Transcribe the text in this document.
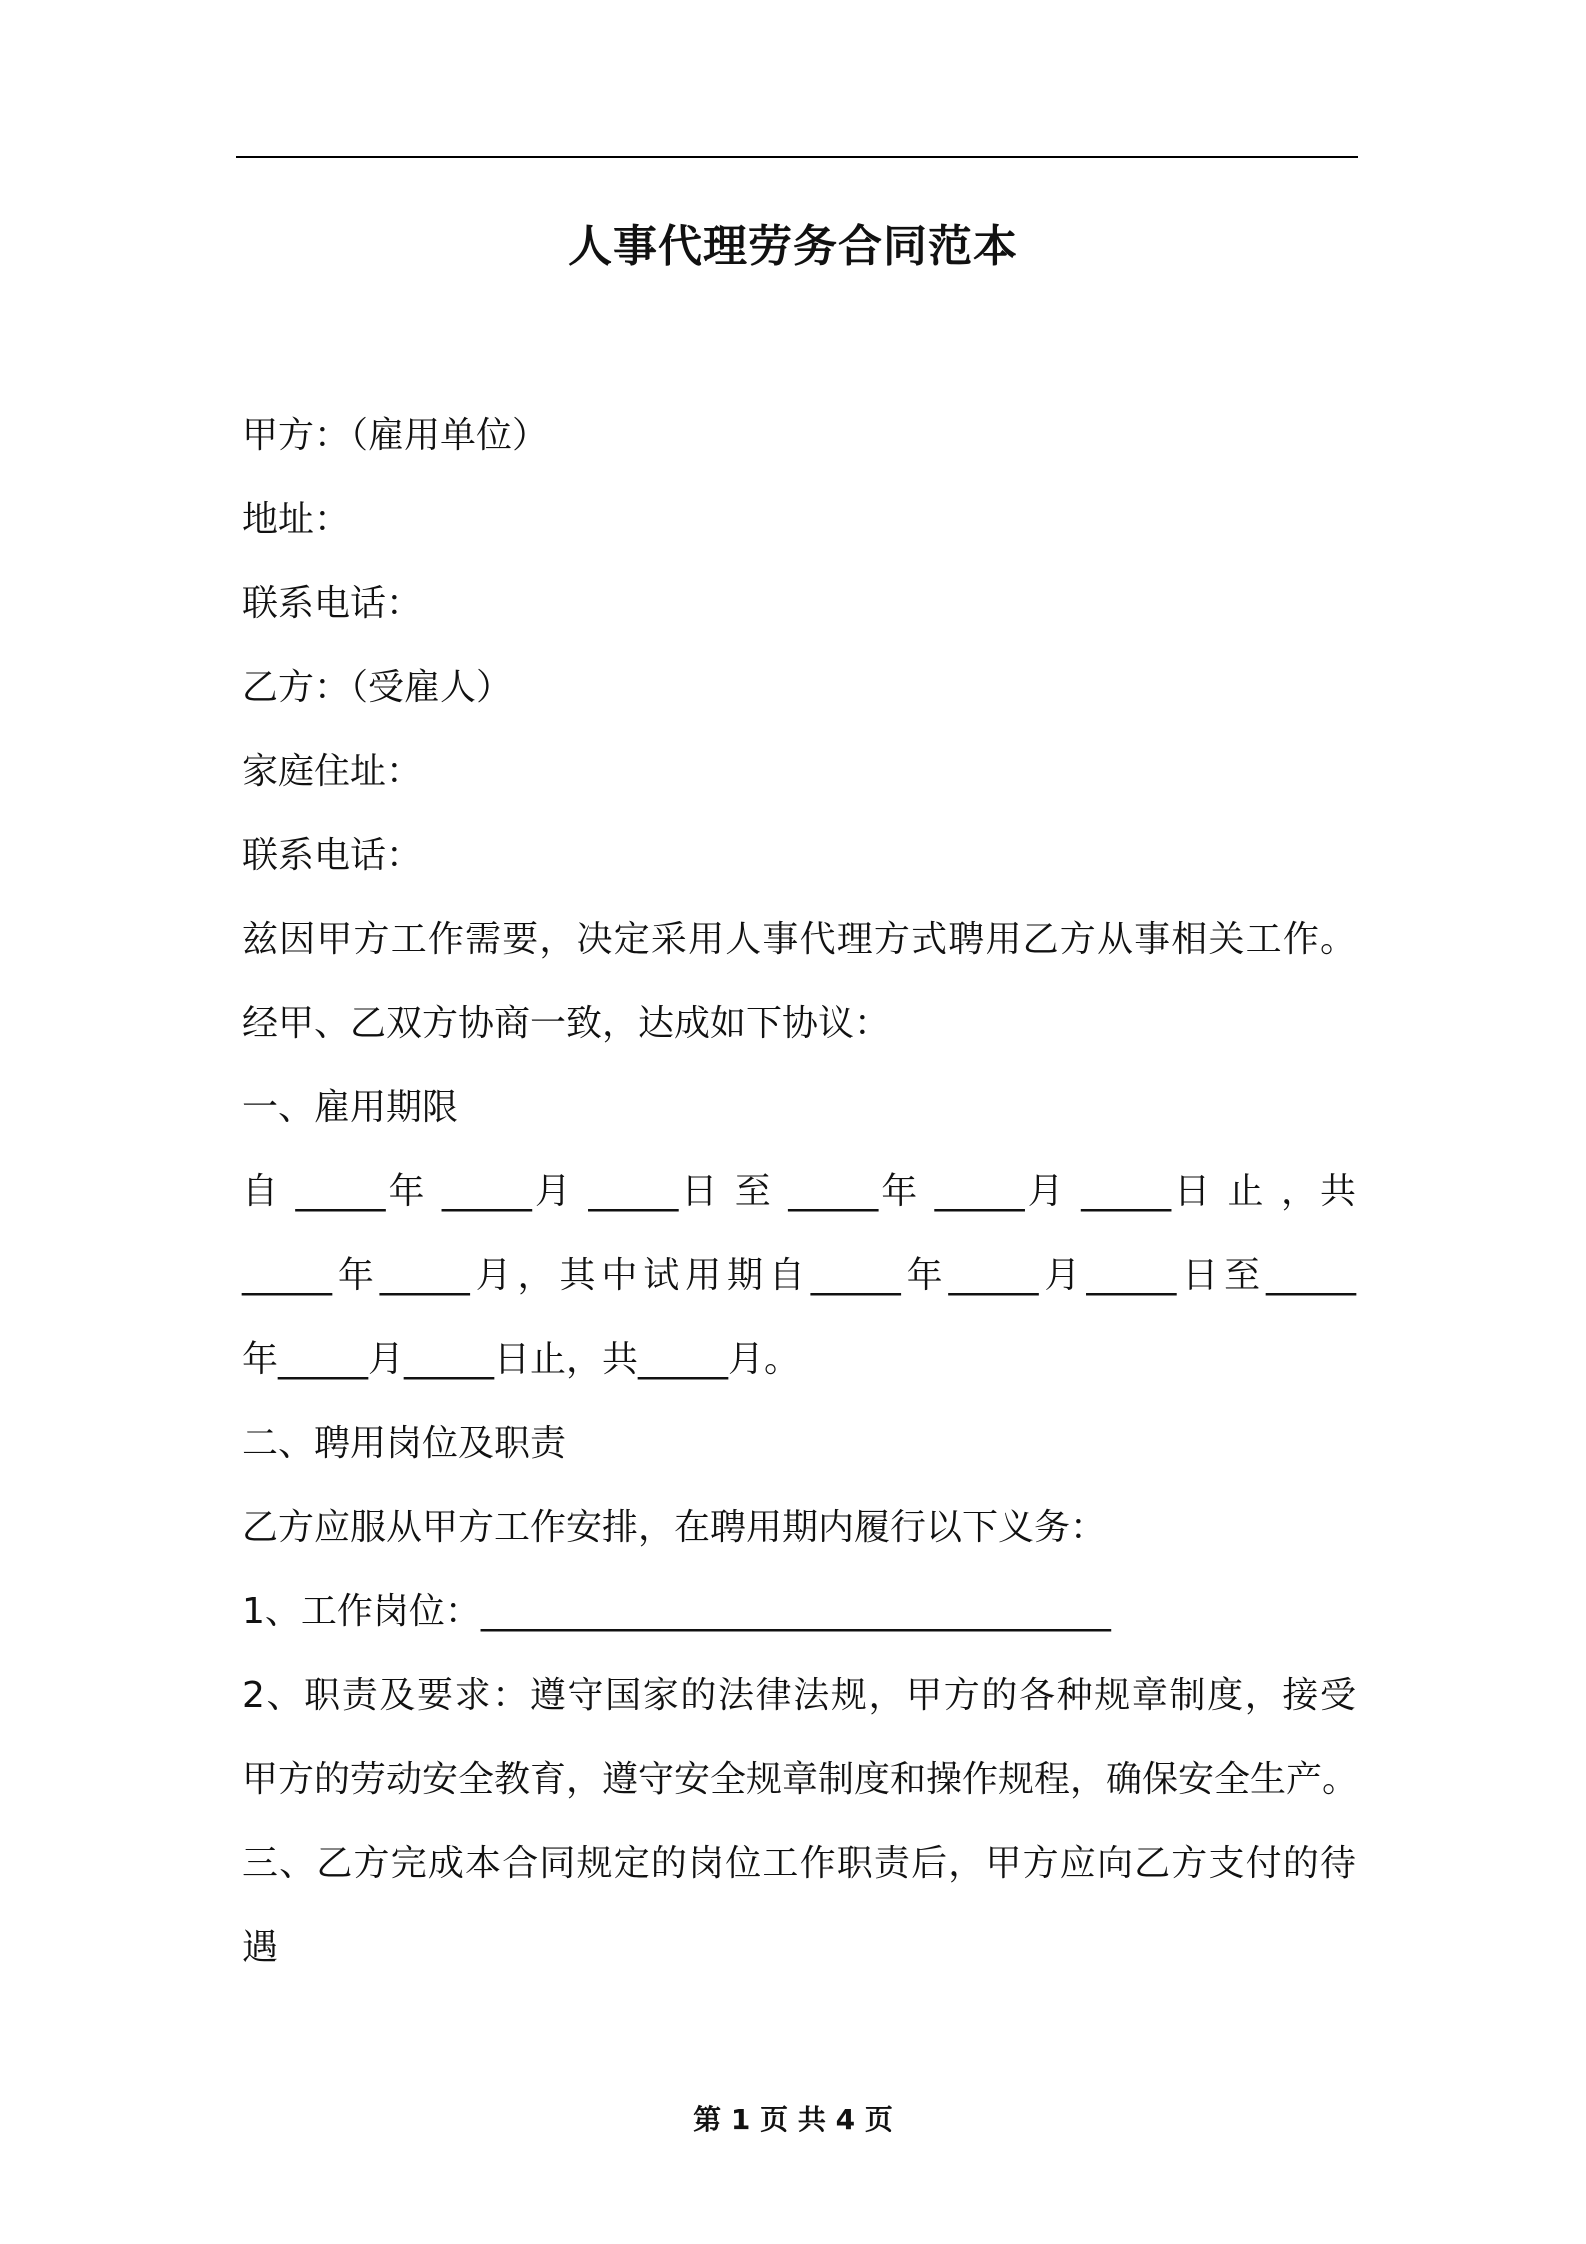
人事代理劳务合同范本
甲方：（雇用单位）
地址：
联系电话：
乙方：（受雇人）
家庭住址：
联系电话：
兹因甲方工作需要，决定采用人事代理方式聘用乙方从事相关工作。
经甲、乙双方协商一致，达成如下协议：
一、雇用期限
自 _____年 _____月 _____日 至 _____年 _____月 _____日 止 ，共
_____年_____月，其中试用期自_____年_____月_____日至_____
年_____月_____日止，共_____月。
二、聘用岗位及职责
乙方应服从甲方工作安排，在聘用期内履行以下义务：
1、工作岗位：___________________________________
2、职责及要求：遵守国家的法律法规，甲方的各种规章制度，接受
甲方的劳动安全教育，遵守安全规章制度和操作规程，确保安全生产。
三、乙方完成本合同规定的岗位工作职责后，甲方应向乙方支付的待
遇
第 1 页 共 4 页
